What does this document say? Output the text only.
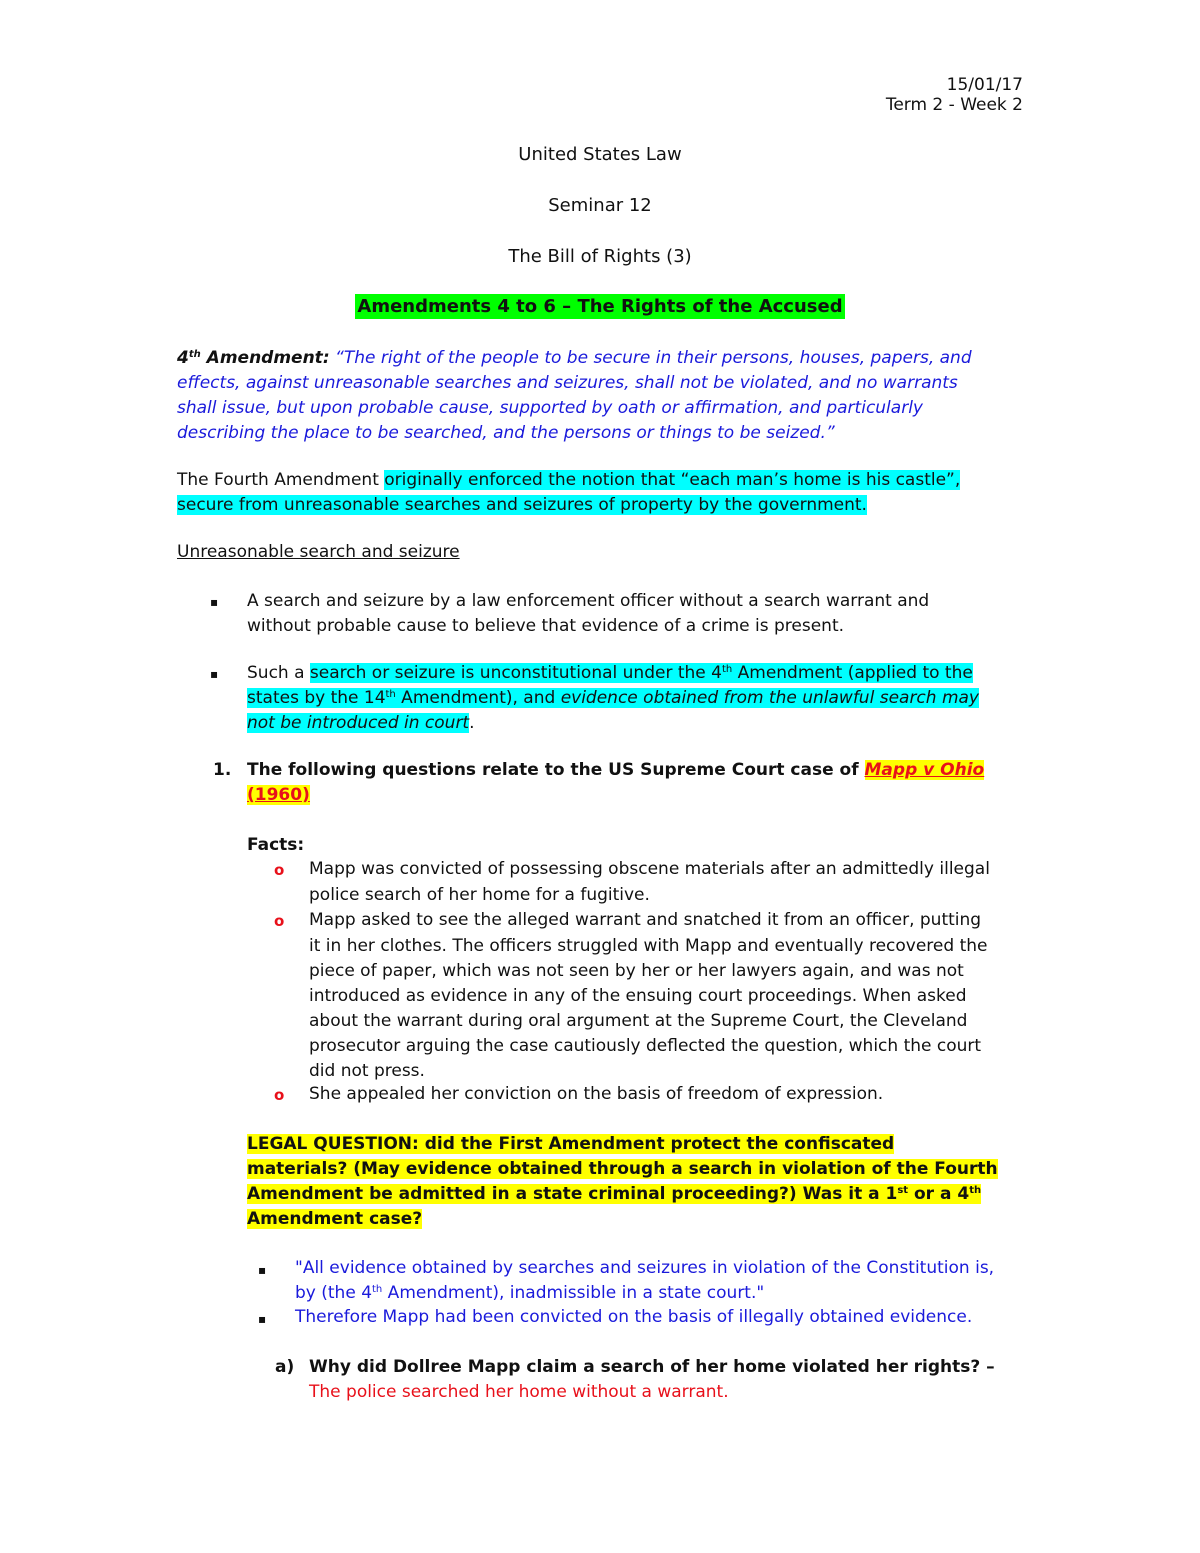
15/01/17
Term 2 - Week 2
United States Law
Seminar 12
The Bill of Rights (3)
Amendments 4 to 6 – The Rights of the Accused

4th Amendment: “The right of the people to be secure in their persons, houses, papers, and

effects, against unreasonable searches and seizures, shall not be violated, and no warrants

shall issue, but upon probable cause, supported by oath or affirmation, and particularly

describing the place to be searched, and the persons or things to be seized.”

The Fourth Amendment originally enforced the notion that “each man’s home is his castle”,

secure from unreasonable searches and seizures of property by the government.

Unreasonable search and seizure
▪ A search and seizure by a law enforcement officer without a search warrant and

without probable cause to believe that evidence of a crime is present.

▪ Such a search or seizure is unconstitutional under the 4th Amendment (applied to the

states by the 14th Amendment), and evidence obtained from the unlawful search may

not be introduced in court.

1. The following questions relate to the US Supreme Court case of Mapp v Ohio

(1960)

Facts:
o Mapp was convicted of possessing obscene materials after an admittedly illegal

police search of her home for a fugitive.

o Mapp asked to see the alleged warrant and snatched it from an officer, putting

it in her clothes. The officers struggled with Mapp and eventually recovered the

piece of paper, which was not seen by her or her lawyers again, and was not

introduced as evidence in any of the ensuing court proceedings. When asked

about the warrant during oral argument at the Supreme Court, the Cleveland

prosecutor arguing the case cautiously deflected the question, which the court

did not press.

o She appealed her conviction on the basis of freedom of expression.

LEGAL QUESTION: did the First Amendment protect the confiscated

materials? (May evidence obtained through a search in violation of the Fourth

Amendment be admitted in a state criminal proceeding?) Was it a 1st or a 4th

Amendment case?

▪ "All evidence obtained by searches and seizures in violation of the Constitution is,

by (the 4th Amendment), inadmissible in a state court."

▪ Therefore Mapp had been convicted on the basis of illegally obtained evidence.
a) Why did Dollree Mapp claim a search of her home violated her rights? –

The police searched her home without a warrant.
